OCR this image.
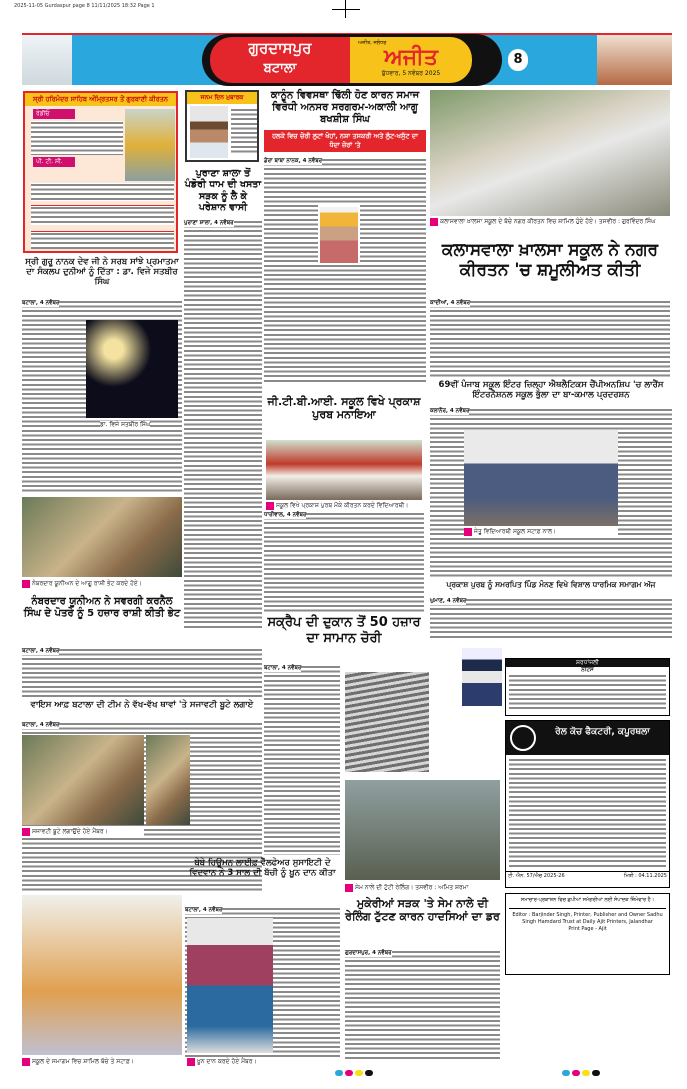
2025-11-05 Gurdaspur page 8 11/11/2025 18:32 Page 1
ਗੁਰਦਾਸਪੁਰ
ਬਟਾਲਾ
ਅਜੀਤ, ਜਲੰਧਰ
ਅਜੀਤ
ਬੁੱਧਵਾਰ, 5 ਨਵੰਬਰ 2025
8
ਸ੍ਰੀ ਹਰਿਮੰਦਰ ਸਾਹਿਬ ਅੰਮ੍ਰਿਤਸਰ ਤੋਂ ਗੁਰਬਾਣੀ ਕੀਰਤਨ
ਰੇਡੀਓ
ਪੀ. ਟੀ. ਸੀ.
ਜਨਮ ਦਿਨ ਮੁਬਾਰਕ
ਪੁਰਾਣਾ ਸ਼ਾਲਾ ਤੋਂ ਪੰਡੋਰੀ ਧਾਮ ਦੀ ਖਸਤਾ ਸੜਕ ਨੂੰ ਲੈ ਕੇ ਪਰੇਸ਼ਾਨ ਵਾਸੀ
ਪੁਰਾਣਾ ਸ਼ਾਲਾ, 4 ਨਵੰਬਰ
ਕਾਨੂੰਨ ਵਿਵਸਥਾ ਢਿੱਲੀ ਹੋਣ ਕਾਰਨ ਸਮਾਜ ਵਿਰੋਧੀ ਅਨਸਰ ਸਰਗਰਮ-ਅਕਾਲੀ ਆਗੂ ਬਖਸ਼ੀਸ਼ ਸਿੰਘ
ਹਲਕੇ ਵਿਚ ਚੋਰੀ ਲੁਟਾਂ ਖੋਹਾਂ, ਨਸ਼ਾ ਤਸਕਰੀ ਅਤੇ ਲੁੱਟ-ਖਸੁੱਟ ਦਾ ਧੰਦਾ ਜ਼ੋਰਾਂ 'ਤੇ
ਡੇਰਾ ਬਾਬਾ ਨਾਨਕ, 4 ਨਵੰਬਰ
ਕਲਾਸਵਾਲਾ ਖ਼ਾਲਸਾ ਸਕੂਲ ਦੇ ਬੱਚੇ ਨਗਰ ਕੀਰਤਨ ਵਿਚ ਸ਼ਾਮਿਲ ਹੁੰਦੇ ਹੋਏ। ਤਸਵੀਰ : ਗੁਰਵਿੰਦਰ ਸਿੰਘ
ਕਲਾਸਵਾਲਾ ਖ਼ਾਲਸਾ ਸਕੂਲ ਨੇ ਨਗਰ ਕੀਰਤਨ 'ਚ ਸ਼ਮੂਲੀਅਤ ਕੀਤੀ
ਕਾਦੀਆਂ, 4 ਨਵੰਬਰ
ਸ੍ਰੀ ਗੁਰੂ ਨਾਨਕ ਦੇਵ ਜੀ ਨੇ ਸਰਬ ਸਾਂਝੇ ਪ੍ਰਮਾਤਮਾ ਦਾ ਸੰਕਲਪ ਦੁਨੀਆਂ ਨੂੰ ਦਿੱਤਾ : ਡਾ. ਵਿਜੇ ਸਤਬੀਰ ਸਿੰਘ
ਬਟਾਲਾ, 4 ਨਵੰਬਰ
ਡਾ. ਵਿਜੇ ਸਤਬੀਰ ਸਿੰਘ
ਜੀ.ਟੀ.ਬੀ.ਆਈ. ਸਕੂਲ ਵਿਖੇ ਪ੍ਰਕਾਸ਼ ਪੁਰਬ ਮਨਾਇਆ
ਸਕੂਲ ਵਿਖੇ ਪ੍ਰਕਾਸ਼ ਪੁਰਬ ਮੌਕੇ ਕੀਰਤਨ ਕਰਦੇ ਵਿਦਿਆਰਥੀ।
ਧਾਰੀਵਾਲ, 4 ਨਵੰਬਰ
69ਵੀਂ ਪੰਜਾਬ ਸਕੂਲ ਇੰਟਰ ਜ਼ਿਲ੍ਹਾ ਐਥਲੈਟਿਕਸ ਚੈਂਪੀਅਨਸ਼ਿਪ 'ਚ ਲਾਰੈਂਸ ਇੰਟਰਨੈਸ਼ਨਲ ਸਕੂਲ ਭੁੱਲਾ ਦਾ ਬਾ-ਕਮਾਲ ਪ੍ਰਦਰਸ਼ਨ
ਕਲਾਨੌਰ, 4 ਨਵੰਬਰ
ਜੇਤੂ ਵਿਦਿਆਰਥੀ ਸਕੂਲ ਸਟਾਫ਼ ਨਾਲ।
ਪ੍ਰਕਾਸ਼ ਪੁਰਬ ਨੂੰ ਸਮਰਪਿਤ ਪਿੰਡ ਮੰਨਣ ਵਿਖੇ ਵਿਸ਼ਾਲ ਧਾਰਮਿਕ ਸਮਾਗਮ ਅੱਜ
ਘੁਮਾਣ, 4 ਨਵੰਬਰ
ਨੰਬਰਦਾਰ ਯੂਨੀਅਨ ਦੇ ਆਗੂ ਰਾਸ਼ੀ ਭੇਟ ਕਰਦੇ ਹੋਏ।
ਨੰਬਰਦਾਰ ਯੂਨੀਅਨ ਨੇ ਸਵਰਗੀ ਕਰਨੈਲ ਸਿੰਘ ਦੇ ਪੋਤਰੇ ਨੂੰ 5 ਹਜ਼ਾਰ ਰਾਸ਼ੀ ਕੀਤੀ ਭੇਟ
ਬਟਾਲਾ, 4 ਨਵੰਬਰ
ਵਾਇਸ ਆਫ਼ ਬਟਾਲਾ ਦੀ ਟੀਮ ਨੇ ਵੱਖ-ਵੱਖ ਥਾਵਾਂ 'ਤੇ ਸਜਾਵਟੀ ਬੂਟੇ ਲਗਾਏ
ਬਟਾਲਾ, 4 ਨਵੰਬਰ
ਸਜਾਵਟੀ ਬੂਟੇ ਲਗਾਉਂਦੇ ਹੋਏ ਮੈਂਬਰ।
ਸਕੂਲ ਦੇ ਸਮਾਗਮ ਵਿਚ ਸ਼ਾਮਿਲ ਬੱਚੇ ਤੇ ਸਟਾਫ਼।
ਸਕ੍ਰੈਪ ਦੀ ਦੁਕਾਨ ਤੋਂ 50 ਹਜ਼ਾਰ ਦਾ ਸਾਮਾਨ ਚੋਰੀ
ਬਟਾਲਾ, 4 ਨਵੰਬਰ
ਸ਼ਰਧਾਂਜਲੀ
ਨੋਟਿਸ
ਰੇਲ ਕੋਚ ਫੈਕਟਰੀ, ਕਪੂਰਥਲਾ
ਟੀ. ਐਨ. 57/ਐਚ 2025-26	ਮਿਤੀ : 04.11.2025
ਬੇਬੇ ਹਿਊਮਨ ਲਾਈਫ਼ ਵੈੱਲਫੇਅਰ ਸੁਸਾਇਟੀ ਦੇ ਵਿਦਵਾਨ ਨੇ 3 ਸਾਲ ਦੀ ਬੱਚੀ ਨੂੰ ਖ਼ੂਨ ਦਾਨ ਕੀਤਾ
ਬਟਾਲਾ, 4 ਨਵੰਬਰ
ਖ਼ੂਨ ਦਾਨ ਕਰਦੇ ਹੋਏ ਮੈਂਬਰ।
ਸੇਮ ਨਾਲੇ ਦੀ ਟੁੱਟੀ ਰੇਲਿੰਗ। ਤਸਵੀਰ : ਅਮਿਤ ਸ਼ਰਮਾ
ਮੁਕੇਰੀਆਂ ਸੜਕ 'ਤੇ ਸੇਮ ਨਾਲੇ ਦੀ ਰੇਲਿੰਗ ਟੁੱਟਣ ਕਾਰਨ ਹਾਦਸਿਆਂ ਦਾ ਡਰ
ਗੁਰਦਾਸਪੁਰ, 4 ਨਵੰਬਰ
ਸਮਾਚਾਰ-ਪ੍ਰਕਾਸ਼ਨ ਵਿਚ ਛਪੀਆਂ ਸਮੱਗਰੀਆਂ ਲਈ ਸੰਪਾਦਕ ਜ਼ਿੰਮੇਵਾਰ ਹੈ।
Editor : Barjinder Singh, Printer, Publisher and Owner Sadhu Singh Hamdard Trust at Daily Ajit Printers, Jalandhar
Print Page - Ajit
